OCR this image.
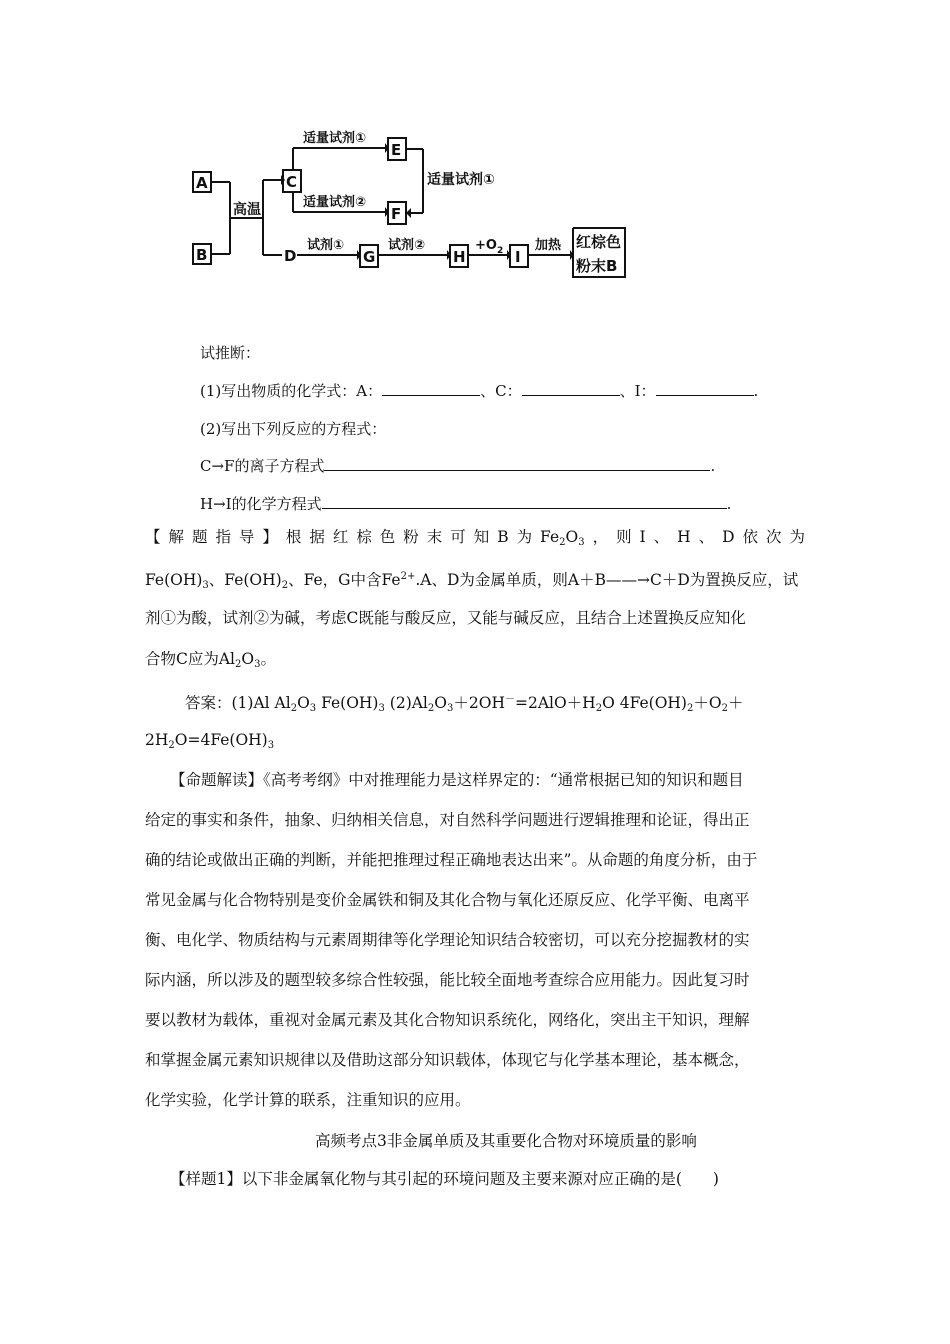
A
B
C
D
E
F
G	H	I
红棕色
粉末B
高温
适量试剂①
适量试剂②
适量试剂①
试剂①	试剂②	$+O_2$ 加热
试推断：
(1)写出物质的化学式：A：	、C：	、I：	.
(2)写出下列反应的方程式：
C→F的离子方程式	.
H→I的化学方程式	.
【解题指导】根据红棕色粉末可知B为$Fe_2O_3$，则I、H、D依次为
$Fe(OH)_3$、$Fe(OH)_2$、Fe，G中含$Fe^{2+}.A$、D为金属单质，则A＋B——→C＋D为置换反应，试
剂①为酸，试剂②为碱，考虑C既能与酸反应，又能与碱反应，且结合上述置换反应知化
合物C应为$Al_2O_3$。
答案：(1)Al $Al_2O_3$ $Fe(OH)_3$ $(2)Al_2O_3+2OH^-=2AlO+H_2O$ $4Fe(OH)_2+O_2+$
$2H_2O=4Fe(OH)_3$
【命题解读】《高考考纲》中对推理能力是这样界定的：“通常根据已知的知识和题目
给定的事实和条件，抽象、归纳相关信息，对自然科学问题进行逻辑推理和论证，得出正
确的结论或做出正确的判断，并能把推理过程正确地表达出来”。从命题的角度分析，由于
常见金属与化合物特别是变价金属铁和铜及其化合物与氧化还原反应、化学平衡、电离平
衡、电化学、物质结构与元素周期律等化学理论知识结合较密切，可以充分挖掘教材的实
际内涵，所以涉及的题型较多综合性较强，能比较全面地考查综合应用能力。因此复习时
要以教材为载体，重视对金属元素及其化合物知识系统化，网络化，突出主干知识，理解
和掌握金属元素知识规律以及借助这部分知识载体，体现它与化学基本理论，基本概念，
化学实验，化学计算的联系，注重知识的应用。
高频考点3非金属单质及其重要化合物对环境质量的影响
【样题1】以下非金属氧化物与其引起的环境问题及主要来源对应正确的是(　　)
